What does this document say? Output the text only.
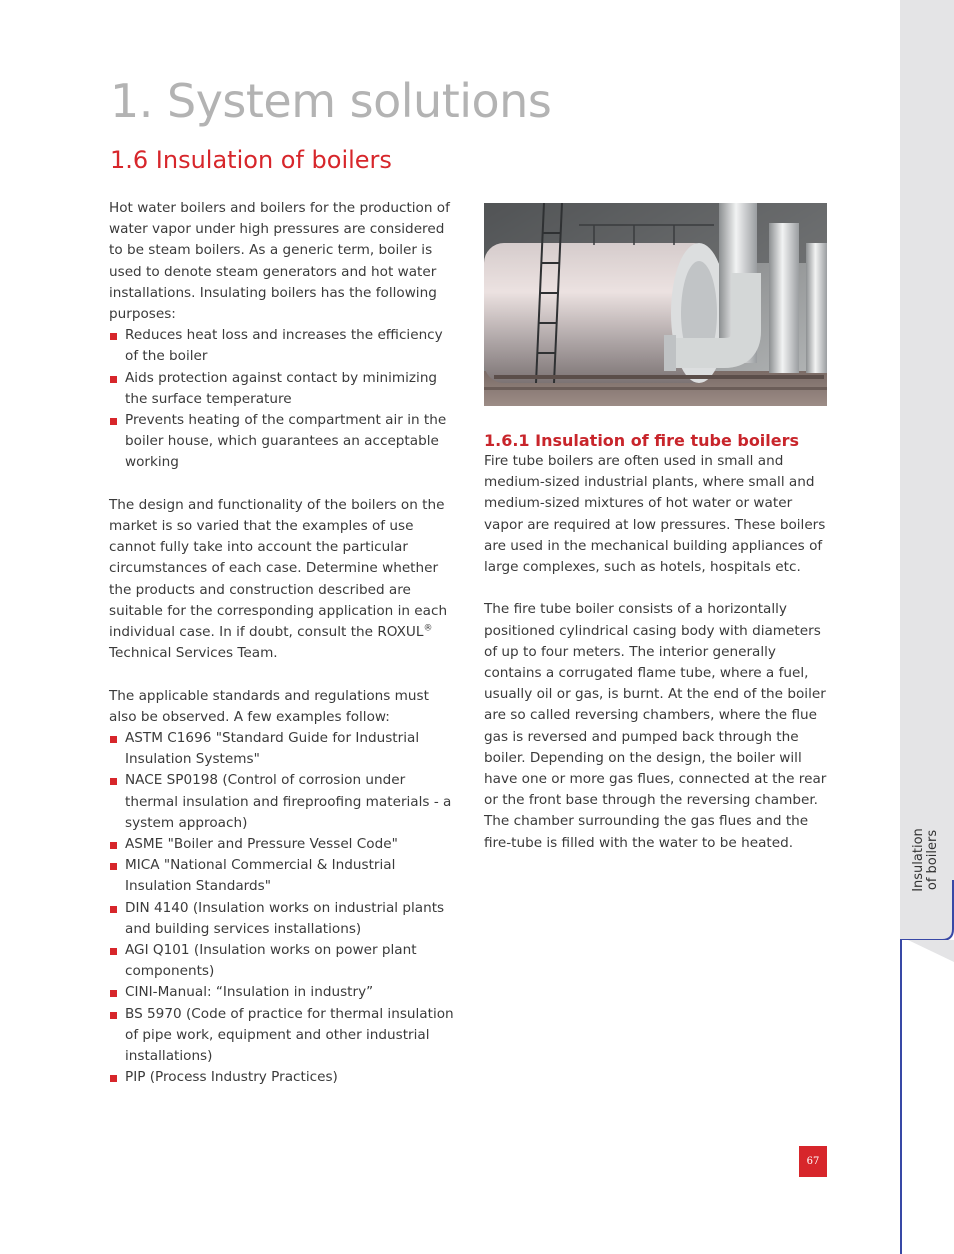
Insulation of boilers
1. System solutions
1.6 Insulation of boilers

Hot water boilers and boilers for the production of water vapor under high pressures are considered to be steam boilers. As a generic term, boiler is used to denote steam generators and hot water installations. Insulating boilers has the following purposes:

Reduces heat loss and increases the efficiency of the boiler
Aids protection against contact by minimizing the surface temperature
Prevents heating of the compartment air in the boiler house, which guarantees an acceptable working

The design and functionality of the boilers on the market is so varied that the examples of use cannot fully take into account the particular circumstances of each case. Determine whether the products and construction described are suitable for the corresponding application in each individual case. In if doubt, consult the ROXUL® Technical Services Team.

The applicable standards and regulations must also be observed. A few examples follow:

ASTM C1696 "Standard Guide for Industrial Insulation Systems"
NACE SP0198 (Control of corrosion under thermal insulation and fireproofing materials - a system approach)
ASME "Boiler and Pressure Vessel Code"
MICA "National Commercial & Industrial Insulation Standards"
DIN 4140 (Insulation works on industrial plants and building services installations)
AGI Q101 (Insulation works on power plant components)
CINI-Manual: “Insulation in industry”
BS 5970 (Code of practice for thermal insulation of pipe work, equipment and other industrial installations)
PIP (Process Industry Practices)
1.6.1 Insulation of fire tube boilers

Fire tube boilers are often used in small and medium-sized industrial plants, where small and medium-sized mixtures of hot water or water vapor are required at low pressures. These boilers are used in the mechanical building appliances of large complexes, such as hotels, hospitals etc.

The fire tube boiler consists of a horizontally positioned cylindrical casing body with diameters of up to four meters. The interior generally contains a corrugated flame tube, where a fuel, usually oil or gas, is burnt. At the end of the boiler are so called reversing chambers, where the flue gas is reversed and pumped back through the boiler. Depending on the design, the boiler will have one or more gas flues, connected at the rear or the front base through the reversing chamber. The chamber surrounding the gas flues and the fire-tube is filled with the water to be heated.

67
